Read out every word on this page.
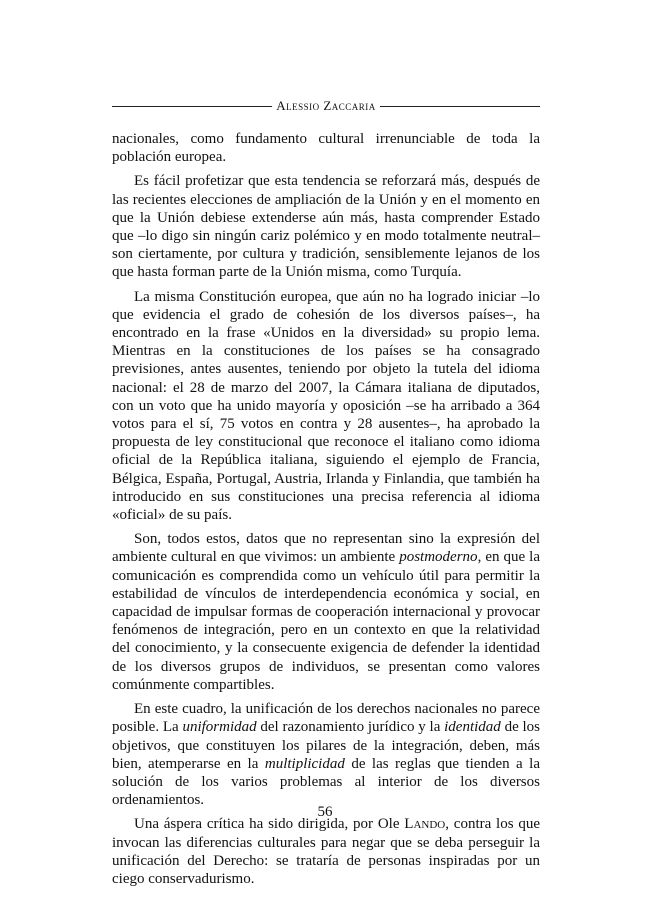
Alessio Zaccaria

nacionales, como fundamento cultural irrenunciable de toda la población europea.

Es fácil profetizar que esta tendencia se reforzará más, después de las recientes elecciones de ampliación de la Unión y en el momento en que la Unión debiese extenderse aún más, hasta comprender Estado que –lo digo sin ningún cariz polémico y en modo totalmente neutral– son ciertamente, por cultura y tradición, sensiblemente lejanos de los que hasta forman parte de la Unión misma, como Turquía.

La misma Constitución europea, que aún no ha logrado iniciar –lo que evidencia el grado de cohesión de los diversos países–, ha encontrado en la frase «Unidos en la diversidad» su propio lema. Mientras en la constituciones de los países se ha consagrado previsiones, antes ausentes, teniendo por objeto la tutela del idioma nacional: el 28 de marzo del 2007, la Cámara italiana de diputados, con un voto que ha unido mayoría y oposición –se ha arribado a 364 votos para el sí, 75 votos en contra y 28 ausentes–, ha aprobado la propuesta de ley constitucional que reconoce el italiano como idioma oficial de la República italiana, siguiendo el ejemplo de Francia, Bélgica, España, Portugal, Austria, Irlanda y Finlandia, que también ha introducido en sus constituciones una precisa referencia al idioma «oficial» de su país.

Son, todos estos, datos que no representan sino la expresión del ambiente cultural en que vivimos: un ambiente postmoderno, en que la comunicación es comprendida como un vehículo útil para permitir la estabilidad de vínculos de interdependencia económica y social, en capacidad de impulsar formas de cooperación internacional y provocar fenómenos de integración, pero en un contexto en que la relatividad del conocimiento, y la consecuente exigencia de defender la identidad de los diversos grupos de individuos, se presentan como valores comúnmente compartibles.

En este cuadro, la unificación de los derechos nacionales no parece posible. La uniformidad del razonamiento jurídico y la identidad de los objetivos, que constituyen los pilares de la integración, deben, más bien, atemperarse en la multiplicidad de las reglas que tienden a la solución de los varios problemas al interior de los diversos ordenamientos.

Una áspera crítica ha sido dirigida, por Ole Lando, contra los que invocan las diferencias culturales para negar que se deba perseguir la unificación del Derecho: se trataría de personas inspiradas por un ciego conservadurismo.

56
